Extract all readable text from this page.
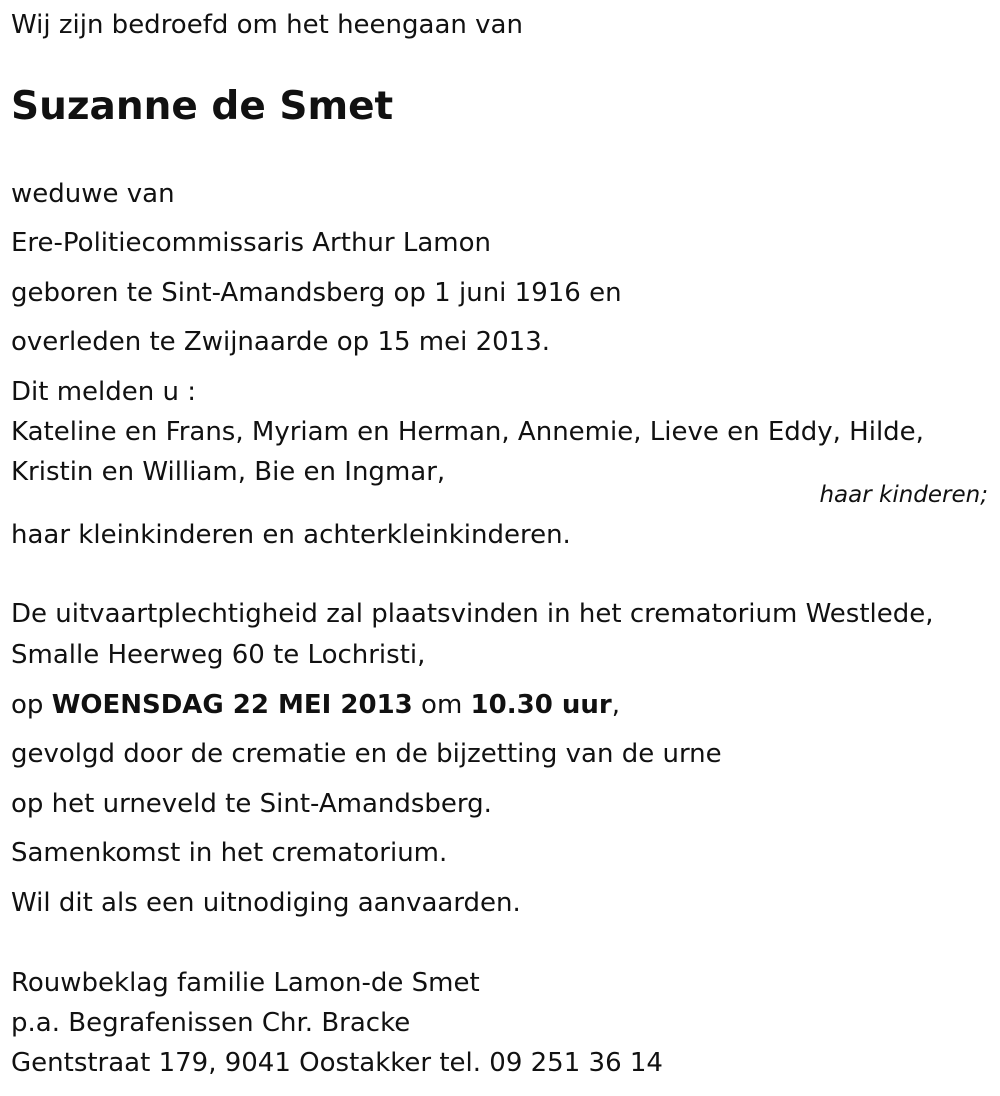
Wij zijn bedroefd om het heengaan van

Suzanne de Smet

weduwe van

Ere-Politiecommissaris Arthur Lamon

geboren te Sint-Amandsberg op 1 juni 1916 en

overleden te Zwijnaarde op 15 mei 2013.

Dit melden u :

Kateline en Frans, Myriam en Herman, Annemie, Lieve en Eddy, Hilde,

Kristin en William, Bie en Ingmar,

haar kinderen;

haar kleinkinderen en achterkleinkinderen.

De uitvaartplechtigheid zal plaatsvinden in het crematorium Westlede,

Smalle Heerweg 60 te Lochristi,

op WOENSDAG 22 MEI 2013 om 10.30 uur,

gevolgd door de crematie en de bijzetting van de urne

op het urneveld te Sint-Amandsberg.

Samenkomst in het crematorium.

Wil dit als een uitnodiging aanvaarden.

Rouwbeklag familie Lamon-de Smet

p.a. Begrafenissen Chr. Bracke

Gentstraat 179, 9041 Oostakker tel. 09 251 36 14
